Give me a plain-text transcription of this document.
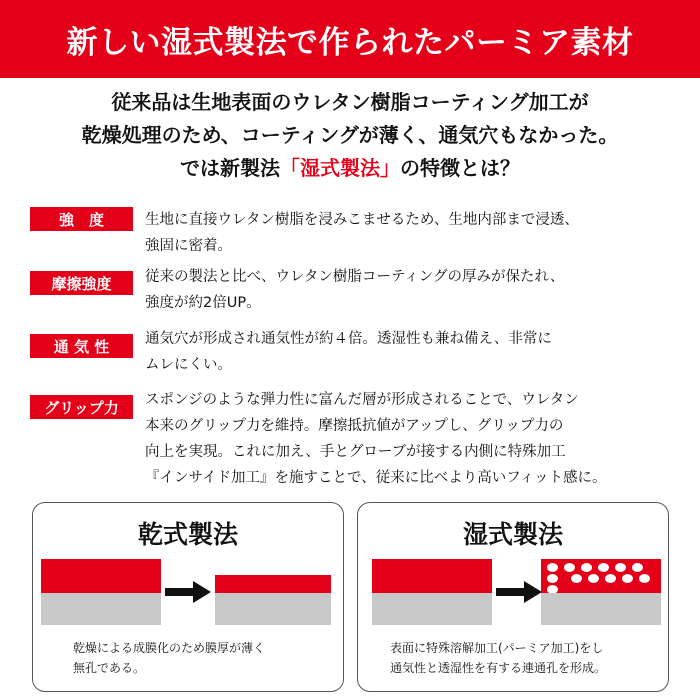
新しい湿式製法で作られたパーミア素材
従来品は生地表面のウレタン樹脂コーティング加工が
乾燥処理のため、コーティングが薄く、通気穴もなかった。
では新製法「湿式製法」の特徴とは？
強　度	生地に直接ウレタン樹脂を浸みこませるため、生地内部まで浸透、
強固に密着。
摩擦強度	従来の製法と比べ、ウレタン樹脂コーティングの厚みが保たれ、
強度が約2倍UP。
通 気 性	通気穴が形成され通気性が約４倍。透湿性も兼ね備え、非常に
ムレにくい。
グリップ力	スポンジのような弾力性に富んだ層が形成されることで、ウレタン
本来のグリップ力を維持。摩擦抵抗値がアップし、グリップ力の
向上を実現。これに加え、手とグローブが接する内側に特殊加工
『インサイド加工』を施すことで、従来に比べより高いフィット感に。
乾式製法
乾燥による成膜化のため膜厚が薄く
無孔である。
湿式製法
表面に特殊溶解加工(パーミア加工)をし
通気性と透湿性を有する連通孔を形成。
